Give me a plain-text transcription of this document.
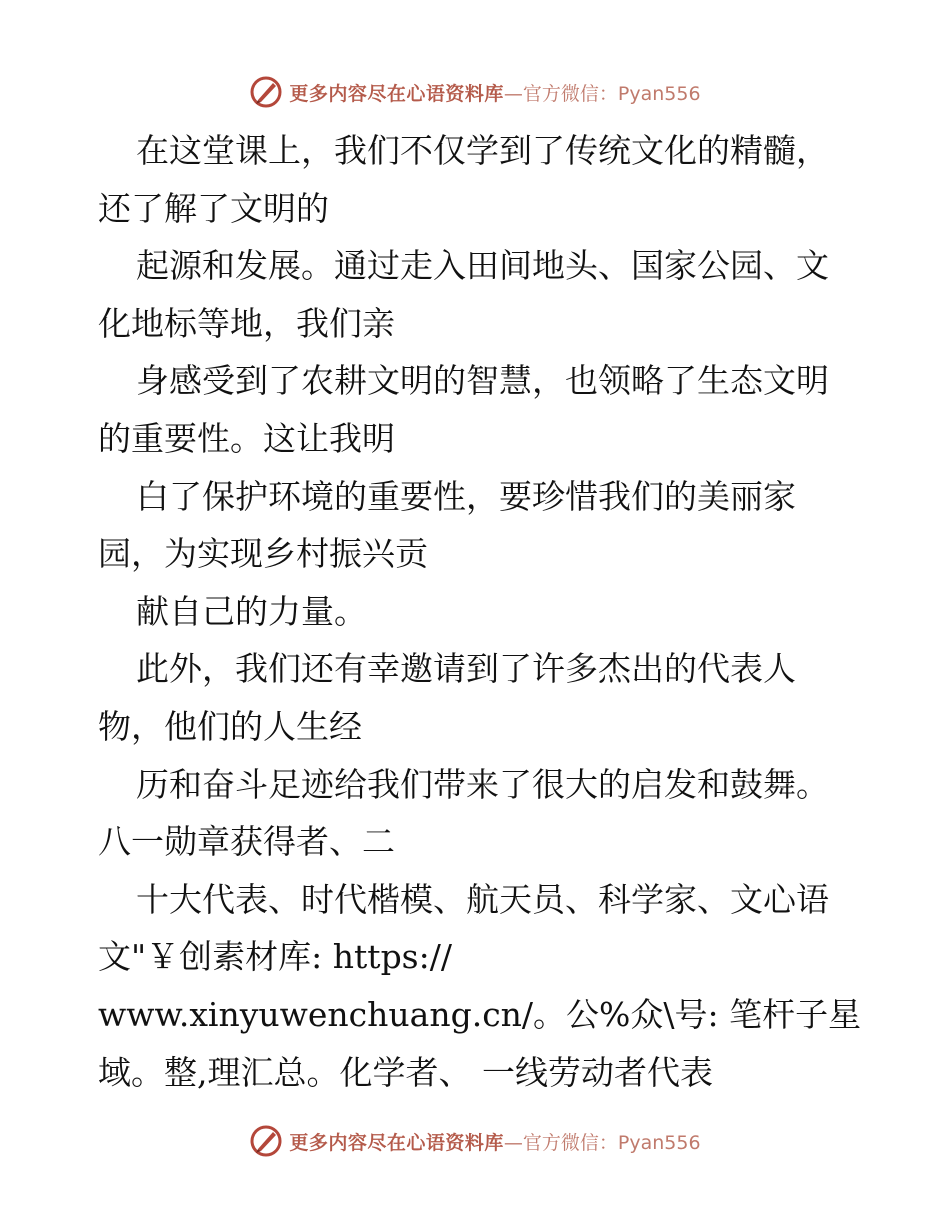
更多内容尽在心语资料库 —官方微信：Pyan556
在这堂课上，我们不仅学到了传统文化的精髓，
还了解了文明的
起源和发展。通过走入田间地头、国家公园、文
化地标等地，我们亲
身感受到了农耕文明的智慧，也领略了生态文明
的重要性。这让我明
白了保护环境的重要性，要珍惜我们的美丽家
园，为实现乡村振兴贡
献自己的力量。
此外，我们还有幸邀请到了许多杰出的代表人
物，他们的人生经
历和奋斗足迹给我们带来了很大的启发和鼓舞。
八一勋章获得者、二
十大代表、时代楷模、航天员、科学家、文心语
文"￥创素材库: https://
www.xinyuwenchuang.cn/。公%众\号: 笔杆子星
域。整,理汇总。化学者、 一线劳动者代表
更多内容尽在心语资料库 —官方微信：Pyan556
